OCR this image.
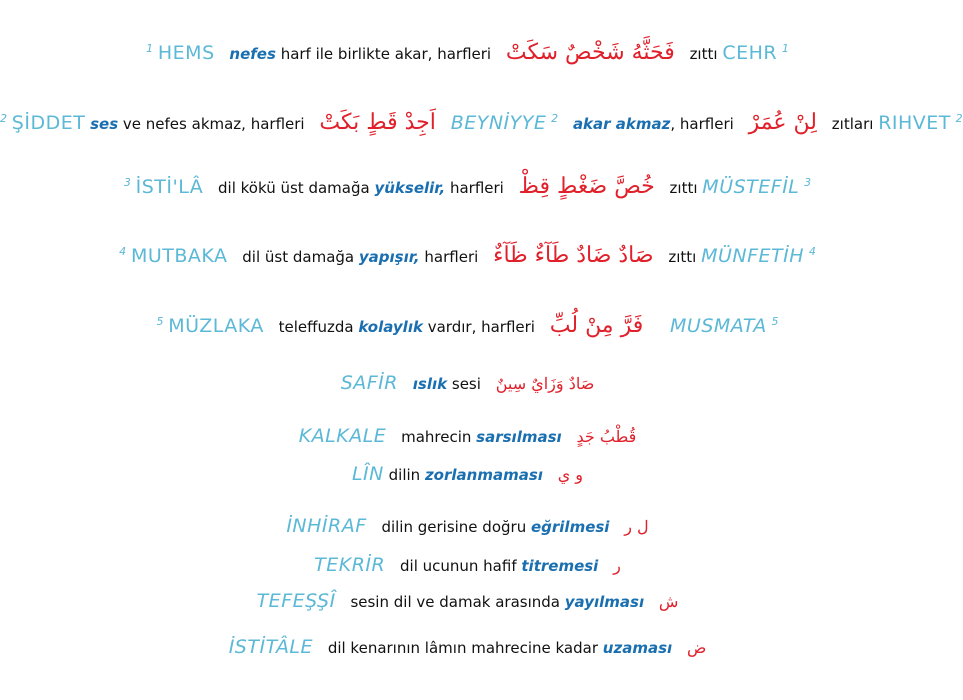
$^1$ HEMS nefes harf ile birlikte akar, harfleri فَحَثَّهُ شَخْصٌ سَكَتْ zıttı CEHR $^1$
$^2$ ŞİDDET ses ve nefes akmaz, harfleri اَجِدْ قَطٍ بَكَتْ BEYNİYYE $^2$ akar akmaz, harfleri لِنْ عُمَرْ zıtları RIHVET $^2$
$^3$ İSTİ'LÂ dil kökü üst damağa yükselir, harfleri خُصَّ ضَغْطٍ قِظْ zıttı MÜSTEFİL $^3$
$^4$ MUTBAKA dil üst damağa yapışır, harfleri صَادٌ ضَادٌ طَآءٌ ظَآءٌ zıttı MÜNFETİH $^4$
$^5$ MÜZLAKA teleffuzda kolaylık vardır, harfleri فَرَّ مِنْ لُبِّ MUSMATA $^5$
SAFİR ıslık sesi صَادٌ وَزَايٌ سِينٌ
KALKALE mahrecin sarsılması قُطْبُ جَدٍ
LÎN dilin zorlanmaması و ي
İNHİRAF dilin gerisine doğru eğrilmesi ل ر
TEKRİR dil ucunun hafif titremesi ر
TEFEŞŞÎ sesin dil ve damak arasında yayılması ش
İSTİTÂLE dil kenarının lâmın mahrecine kadar uzaması ض
